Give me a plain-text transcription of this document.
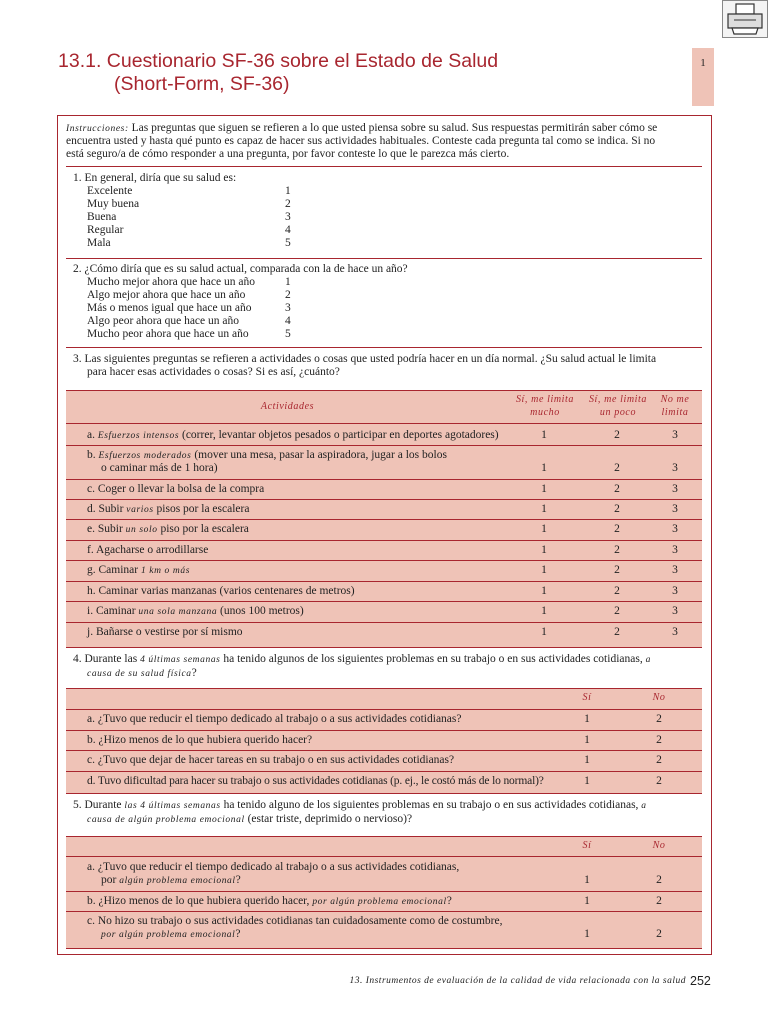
13.1. Cuestionario SF-36 sobre el Estado de Salud
(Short-Form, SF-36)
1
Instrucciones: Las preguntas que siguen se refieren a lo que usted piensa sobre su salud. Sus respuestas permitirán saber cómo se
encuentra usted y hasta qué punto es capaz de hacer sus actividades habituales. Conteste cada pregunta tal como se indica. Si no
está seguro/a de cómo responder a una pregunta, por favor conteste lo que le parezca más cierto.
1. En general, diría que su salud es:
Excelente	1
Muy buena	2
Buena	3
Regular	4
Mala	5
2. ¿Cómo diría que es su salud actual, comparada con la de hace un año?
Mucho mejor ahora que hace un año	1
Algo mejor ahora que hace un año	2
Más o menos igual que hace un año	3
Algo peor ahora que hace un año	4
Mucho peor ahora que hace un año	5
3. Las siguientes preguntas se refieren a actividades o cosas que usted podría hacer en un día normal. ¿Su salud actual le limita
para hacer esas actividades o cosas? Si es así, ¿cuánto?
Actividades
Sí, me limita
mucho
Sí, me limita
un poco
No me
limita
a. Esfuerzos intensos (correr, levantar objetos pesados o participar en deportes agotadores)	1	2	3
b. Esfuerzos moderados (mover una mesa, pasar la aspiradora, jugar a los bolos
o caminar más de 1 hora)	1	2	3
c. Coger o llevar la bolsa de la compra	1	2	3
d. Subir varios pisos por la escalera	1	2	3
e. Subir un solo piso por la escalera	1	2	3
f. Agacharse o arrodillarse	1	2	3
g. Caminar 1 km o más	1	2	3
h. Caminar varias manzanas (varios centenares de metros)	1	2	3
i. Caminar una sola manzana (unos 100 metros)	1	2	3
j. Bañarse o vestirse por sí mismo	1	2	3
4. Durante las 4 últimas semanas ha tenido algunos de los siguientes problemas en su trabajo o en sus actividades cotidianas, a
causa de su salud física?
Sí	No
a. ¿Tuvo que reducir el tiempo dedicado al trabajo o a sus actividades cotidianas?	1	2
b. ¿Hizo menos de lo que hubiera querido hacer?	1	2
c. ¿Tuvo que dejar de hacer tareas en su trabajo o en sus actividades cotidianas?	1	2
d. Tuvo dificultad para hacer su trabajo o sus actividades cotidianas (p. ej., le costó más de lo normal)?	1	2
5. Durante las 4 últimas semanas ha tenido alguno de los siguientes problemas en su trabajo o en sus actividades cotidianas, a
causa de algún problema emocional (estar triste, deprimido o nervioso)?
Sí	No
a. ¿Tuvo que reducir el tiempo dedicado al trabajo o a sus actividades cotidianas,
por algún problema emocional?	1	2
b. ¿Hizo menos de lo que hubiera querido hacer, por algún problema emocional?	1	2
c. No hizo su trabajo o sus actividades cotidianas tan cuidadosamente como de costumbre,
por algún problema emocional?	1	2
13. Instrumentos de evaluación de la calidad de vida relacionada con la salud 252
